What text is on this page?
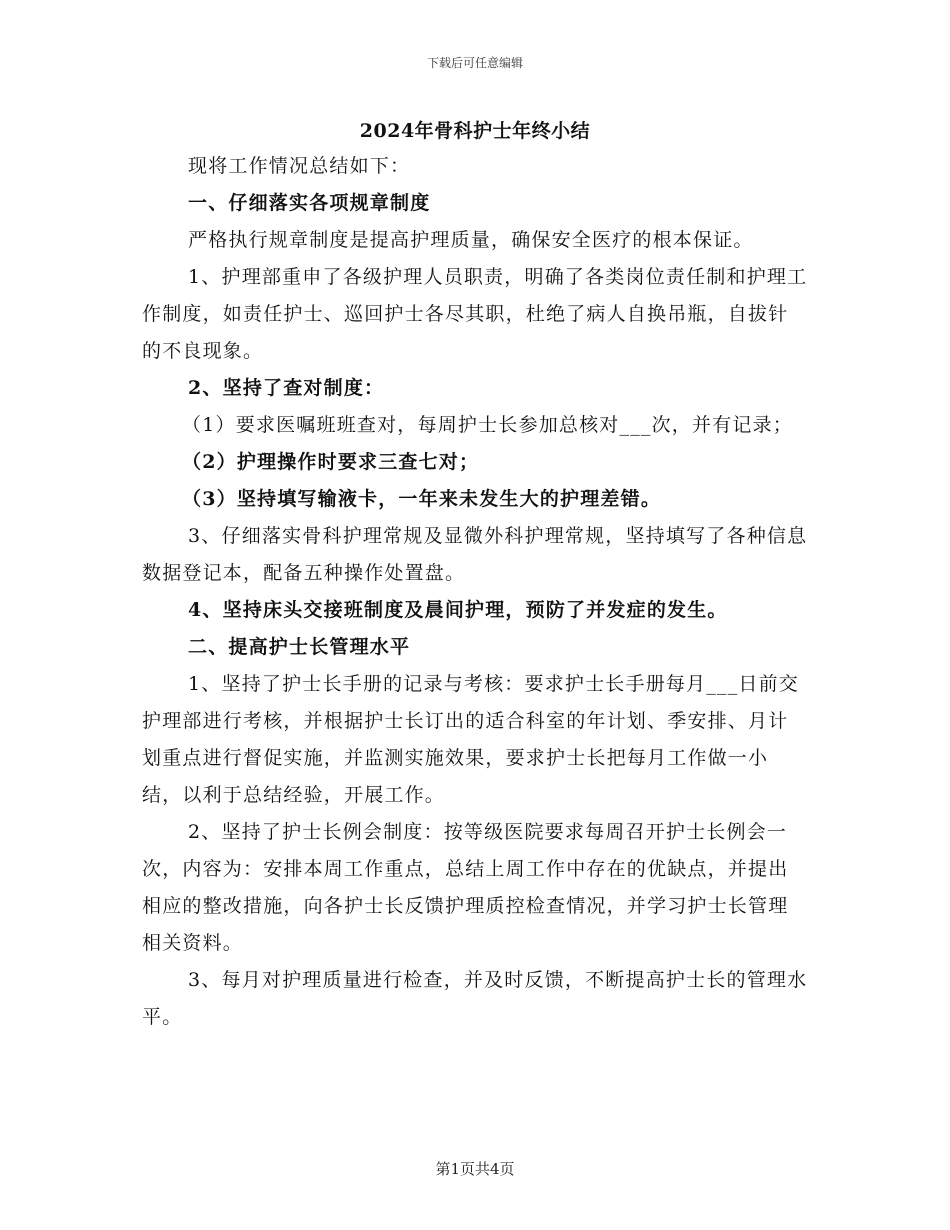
下载后可任意编辑
2024年骨科护士年终小结

现将工作情况总结如下：

一、仔细落实各项规章制度

严格执行规章制度是提高护理质量，确保安全医疗的根本保证。

1、护理部重申了各级护理人员职责，明确了各类岗位责任制和护理工作制度，如责任护士、巡回护士各尽其职，杜绝了病人自换吊瓶，自拔针的不良现象。

2、坚持了查对制度：

（1）要求医嘱班班查对，每周护士长参加总核对___次，并有记录；

（2）护理操作时要求三查七对；

（3）坚持填写输液卡，一年来未发生大的护理差错。

3、仔细落实骨科护理常规及显微外科护理常规，坚持填写了各种信息数据登记本，配备五种操作处置盘。

4、坚持床头交接班制度及晨间护理，预防了并发症的发生。

二、提高护士长管理水平

1、坚持了护士长手册的记录与考核：要求护士长手册每月___日前交护理部进行考核，并根据护士长订出的适合科室的年计划、季安排、月计划重点进行督促实施，并监测实施效果，要求护士长把每月工作做一小结，以利于总结经验，开展工作。

2、坚持了护士长例会制度：按等级医院要求每周召开护士长例会一次，内容为：安排本周工作重点，总结上周工作中存在的优缺点，并提出相应的整改措施，向各护士长反馈护理质控检查情况，并学习护士长管理相关资料。

3、每月对护理质量进行检查，并及时反馈，不断提高护士长的管理水平。

第1页共4页
